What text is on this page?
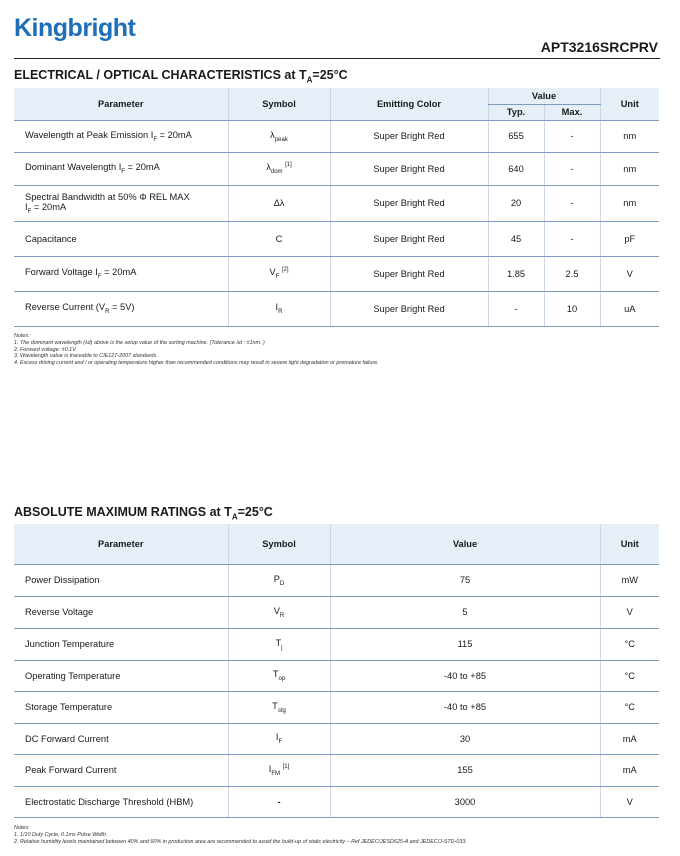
Kingbright
APT3216SRCPRV
ELECTRICAL / OPTICAL CHARACTERISTICS at $T_A=25^\circ C$
Parameter	Symbol	Emitting Color	Value		Unit
			Typ.	Max.	
Wavelength at Peak Emission $I_F = 20mA$	$\lambda_{peak}$	Super Bright Red	655	-	nm
Dominant Wavelength $I_F = 20mA$	$\lambda_{dom}$ [1]	Super Bright Red	640	-	nm
Spectral Bandwidth at 50% Φ REL MAX
$I_F = 20mA$	Δλ	Super Bright Red	20	-	nm
Capacitance	C	Super Bright Red	45	-	pF
Forward Voltage $I_F = 20mA$	$V_F$ [2]	Super Bright Red	1.85	2.5	V
Reverse Current $(V_R = 5V)$	$I_R$	Super Bright Red	-	10	uA
Notes:
1. The dominant wavelength (λd) above is the setup value of the sorting machine. (Tolerance λd : ±1nm. )
2. Forward voltage: ±0.1V.
3. Wavelength value is traceable to CIE127-2007 standards.
4. Excess driving current and / or operating temperature higher than recommended conditions may result in severe light degradation or premature failure.
ABSOLUTE MAXIMUM RATINGS at $T_A=25^\circ C$
Parameter	Symbol	Value	Unit
Power Dissipation	$P_D$	75	mW
Reverse Voltage	$V_R$	5	V
Junction Temperature	$T_j$	115	°C
Operating Temperature	$T_{op}$	-40 to +85	°C
Storage Temperature	$T_{stg}$	-40 to +85	°C
DC Forward Current	$I_F$	30	mA
Peak Forward Current	$I_{FM}$ [1]	155	mA
Electrostatic Discharge Threshold (HBM)	-	3000	V
Notes:
1. 1/10 Duty Cycle, 0.1ms Pulse Width.
2. Relative humidity levels maintained between 40% and 60% in production area are recommended to avoid the build-up of static electricity – Ref JEDEC/JESD625-A and JEDEC/J-STD-033.
